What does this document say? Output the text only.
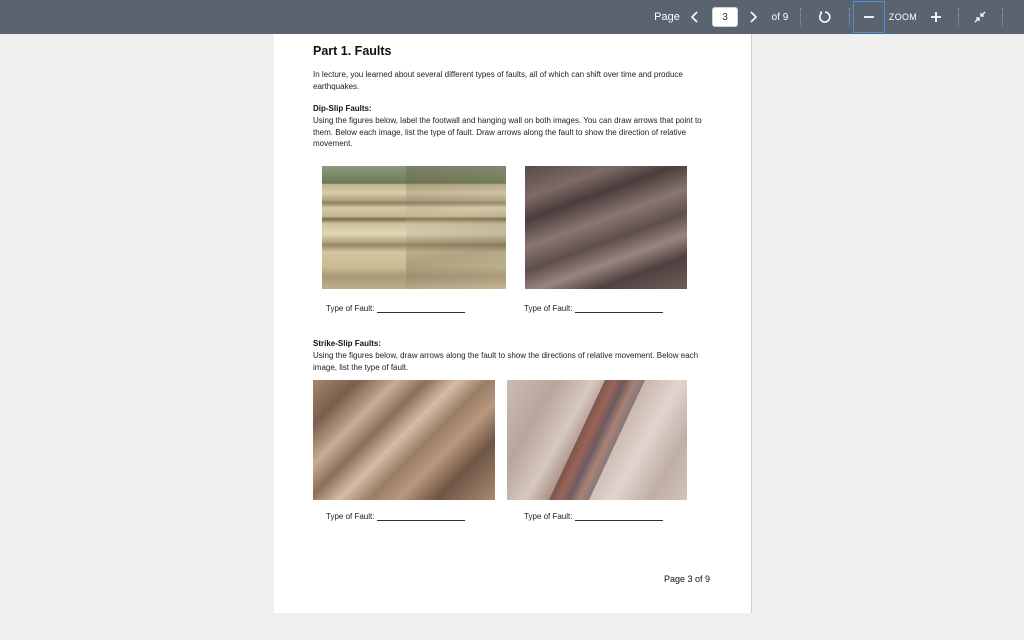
Page
3	of 9	ZOOM
Part 1. Faults
In lecture, you learned about several different types of faults, all of which can shift over time and produce earthquakes.
Dip-Slip Faults:
Using the figures below, label the footwall and hanging wall on both images. You can draw arrows that point to them. Below each image, list the type of fault. Draw arrows along the fault to show the direction of relative movement.
Type of Fault:	Type of Fault:
Strike-Slip Faults:
Using the figures below, draw arrows along the fault to show the directions of relative movement. Below each image, list the type of fault.
Type of Fault:	Type of Fault:
Page 3 of 9
